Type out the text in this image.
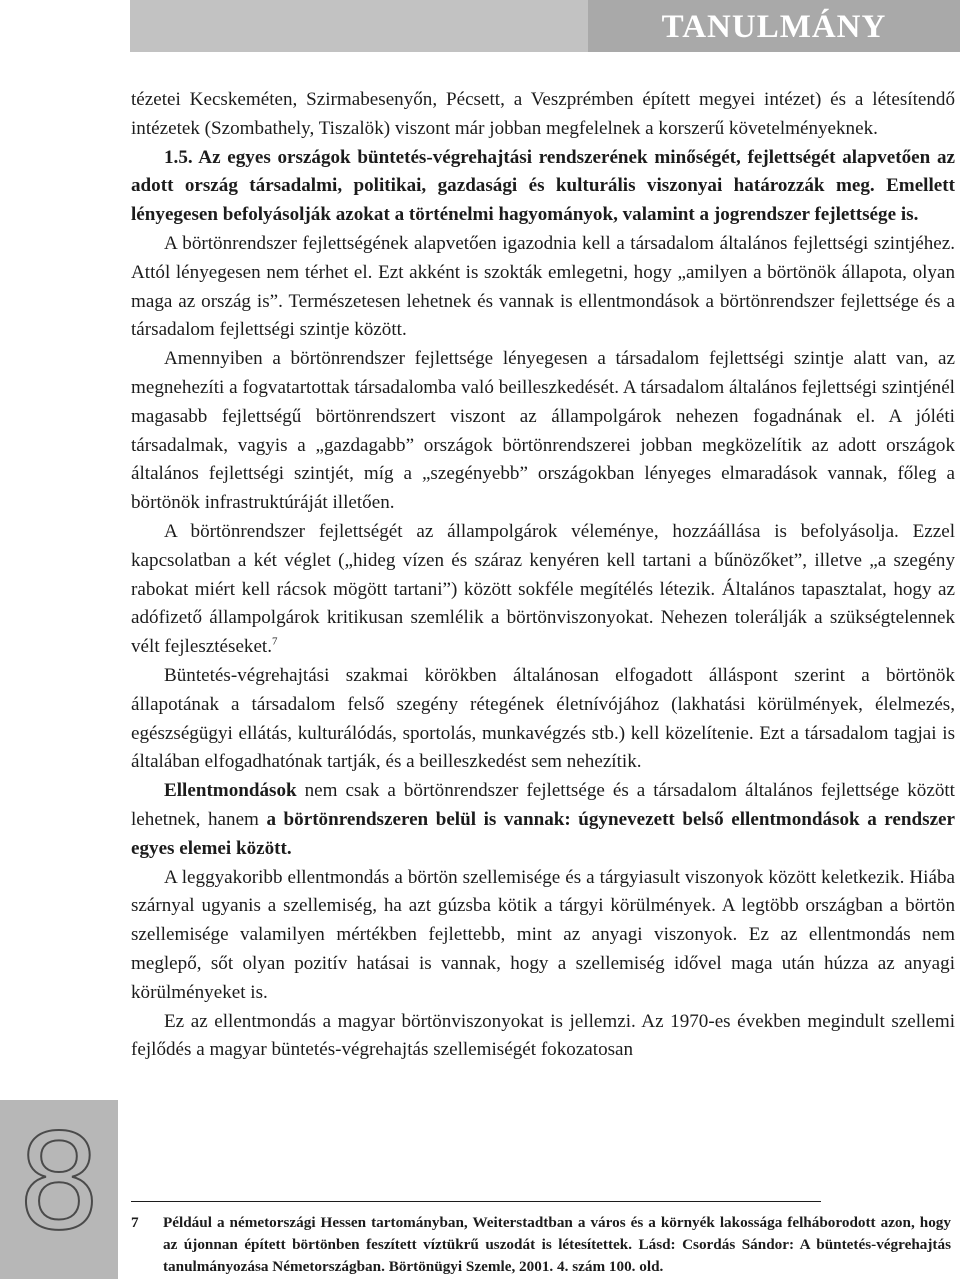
TANULMÁNY
8

tézetei Kecskeméten, Szirmabesenyőn, Pécsett, a Veszprémben épített megyei intézet) és a létesítendő intézetek (Szombathely, Tiszalök) viszont már jobban megfelelnek a korszerű követelményeknek.

1.5. Az egyes országok büntetés-végrehajtási rendszerének minőségét, fejlettségét alapvetően az adott ország társadalmi, politikai, gazdasági és kulturális viszonyai határozzák meg. Emellett lényegesen befolyásolják azokat a történelmi hagyományok, valamint a jogrendszer fejlettsége is.

A börtönrendszer fejlettségének alapvetően igazodnia kell a társadalom általános fejlettségi szintjéhez. Attól lényegesen nem térhet el. Ezt akként is szokták emlegetni, hogy „amilyen a börtönök állapota, olyan maga az ország is”. Természetesen lehetnek és vannak is ellentmondások a börtönrendszer fejlettsége és a társadalom fejlettségi szintje között.

Amennyiben a börtönrendszer fejlettsége lényegesen a társadalom fejlettségi szintje alatt van, az megnehezíti a fogvatartottak társadalomba való beilleszkedését. A társadalom általános fejlettségi szintjénél magasabb fejlettségű börtönrendszert viszont az állampolgárok nehezen fogadnának el. A jóléti társadalmak, vagyis a „gazdagabb” országok börtönrendszerei jobban megközelítik az adott országok általános fejlettségi szintjét, míg a „szegényebb” országokban lényeges elmaradások vannak, főleg a börtönök infrastruktúráját illetően.

A börtönrendszer fejlettségét az állampolgárok véleménye, hozzáállása is befolyásolja. Ezzel kapcsolatban a két véglet („hideg vízen és száraz kenyéren kell tartani a bűnözőket”, illetve „a szegény rabokat miért kell rácsok mögött tartani”) között sokféle megítélés létezik. Általános tapasztalat, hogy az adófizető állampolgárok kritikusan szemlélik a börtönviszonyokat. Nehezen tolerálják a szükségtelennek vélt fejlesztéseket.$^7$

Büntetés-végrehajtási szakmai körökben általánosan elfogadott álláspont szerint a börtönök állapotának a társadalom felső szegény rétegének életnívójához (lakhatási körülmények, élelmezés, egészségügyi ellátás, kulturálódás, sportolás, munkavégzés stb.) kell közelítenie. Ezt a társadalom tagjai is általában elfogadhatónak tartják, és a beilleszkedést sem nehezítik.

Ellentmondások nem csak a börtönrendszer fejlettsége és a társadalom általános fejlettsége között lehetnek, hanem a börtönrendszeren belül is vannak: úgynevezett belső ellentmondások a rendszer egyes elemei között.

A leggyakoribb ellentmondás a börtön szellemisége és a tárgyiasult viszonyok között keletkezik. Hiába szárnyal ugyanis a szellemiség, ha azt gúzsba kötik a tárgyi körülmények. A legtöbb országban a börtön szellemisége valamilyen mértékben fejlettebb, mint az anyagi viszonyok. Ez az ellentmondás nem meglepő, sőt olyan pozitív hatásai is vannak, hogy a szellemiség idővel maga után húzza az anyagi körülményeket is.

Ez az ellentmondás a magyar börtönviszonyokat is jellemzi. Az 1970-es években megindult szellemi fejlődés a magyar büntetés-végrehajtás szellemiségét fokozatosan

7 Például a németországi Hessen tartományban, Weiterstadtban a város és a környék lakossága felháborodott azon, hogy az újonnan épített börtönben feszített víztükrű uszodát is létesítettek. Lásd: Csordás Sándor: A büntetés-végrehajtás tanulmányozása Németországban. Börtönügyi Szemle, 2001. 4. szám 100. old.
